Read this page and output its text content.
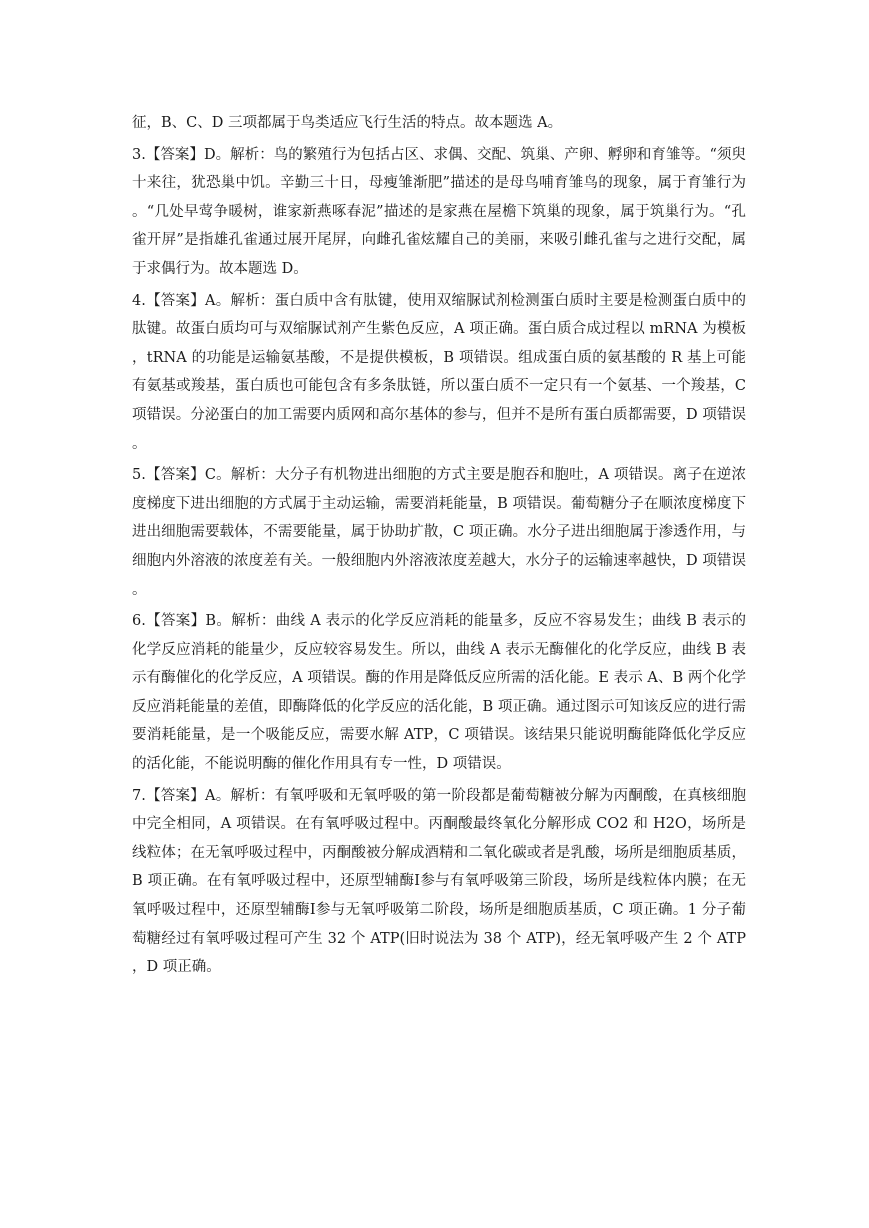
征，B、C、D 三项都属于鸟类适应飞行生活的特点。故本题选 A。

3.【答案】D。解析：鸟的繁殖行为包括占区、求偶、交配、筑巢、产卵、孵卵和育雏等。“须臾十来往，犹恐巢中饥。辛勤三十日，母瘦雏渐肥”描述的是母鸟哺育雏鸟的现象，属于育雏行为。“几处早莺争暖树，谁家新燕啄春泥”描述的是家燕在屋檐下筑巢的现象，属于筑巢行为。“孔雀开屏”是指雄孔雀通过展开尾屏，向雌孔雀炫耀自己的美丽，来吸引雌孔雀与之进行交配，属于求偶行为。故本题选 D。

4.【答案】A。解析：蛋白质中含有肽键，使用双缩脲试剂检测蛋白质时主要是检测蛋白质中的肽键。故蛋白质均可与双缩脲试剂产生紫色反应，A 项正确。蛋白质合成过程以 mRNA 为模板，tRNA 的功能是运输氨基酸，不是提供模板，B 项错误。组成蛋白质的氨基酸的 R 基上可能有氨基或羧基，蛋白质也可能包含有多条肽链，所以蛋白质不一定只有一个氨基、一个羧基，C 项错误。分泌蛋白的加工需要内质网和高尔基体的参与，但并不是所有蛋白质都需要，D 项错误。

5.【答案】C。解析：大分子有机物进出细胞的方式主要是胞吞和胞吐，A 项错误。离子在逆浓度梯度下进出细胞的方式属于主动运输，需要消耗能量，B 项错误。葡萄糖分子在顺浓度梯度下进出细胞需要载体，不需要能量，属于协助扩散，C 项正确。水分子进出细胞属于渗透作用，与细胞内外溶液的浓度差有关。一般细胞内外溶液浓度差越大，水分子的运输速率越快，D 项错误。

6.【答案】B。解析：曲线 A 表示的化学反应消耗的能量多，反应不容易发生；曲线 B 表示的化学反应消耗的能量少，反应较容易发生。所以，曲线 A 表示无酶催化的化学反应，曲线 B 表示有酶催化的化学反应，A 项错误。酶的作用是降低反应所需的活化能。E 表示 A、B 两个化学反应消耗能量的差值，即酶降低的化学反应的活化能，B 项正确。通过图示可知该反应的进行需要消耗能量，是一个吸能反应，需要水解 ATP，C 项错误。该结果只能说明酶能降低化学反应的活化能，不能说明酶的催化作用具有专一性，D 项错误。

7.【答案】A。解析：有氧呼吸和无氧呼吸的第一阶段都是葡萄糖被分解为丙酮酸，在真核细胞中完全相同，A 项错误。在有氧呼吸过程中。丙酮酸最终氧化分解形成 CO2 和 H2O，场所是线粒体；在无氧呼吸过程中，丙酮酸被分解成酒精和二氧化碳或者是乳酸，场所是细胞质基质，B 项正确。在有氧呼吸过程中，还原型辅酶Ⅰ参与有氧呼吸第三阶段，场所是线粒体内膜；在无氧呼吸过程中，还原型辅酶Ⅰ参与无氧呼吸第二阶段，场所是细胞质基质，C 项正确。1 分子葡萄糖经过有氧呼吸过程可产生 32 个 ATP(旧时说法为 38 个 ATP)，经无氧呼吸产生 2 个 ATP，D 项正确。
